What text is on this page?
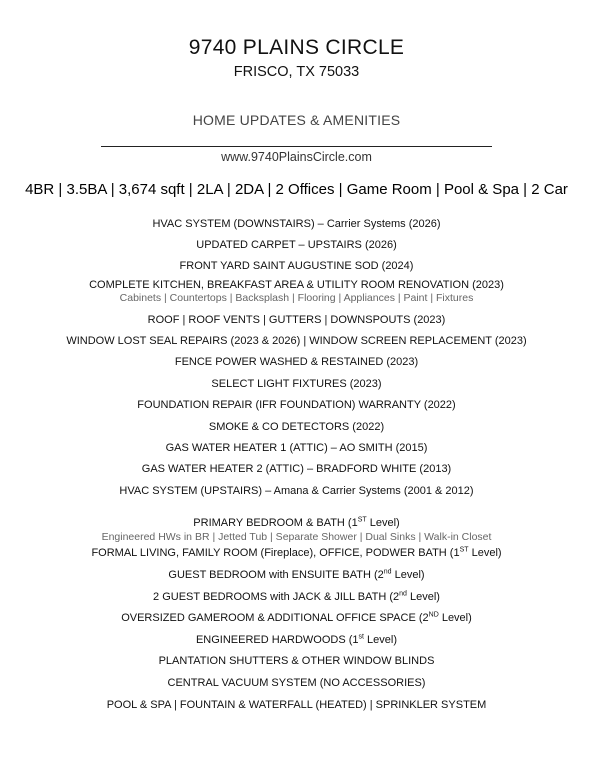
9740 PLAINS CIRCLE
FRISCO, TX 75033
HOME UPDATES & AMENITIES
www.9740PlainsCircle.com
4BR | 3.5BA | 3,674 sqft | 2LA | 2DA | 2 Offices | Game Room | Pool & Spa | 2 Car
HVAC SYSTEM (DOWNSTAIRS) – Carrier Systems (2026)
UPDATED CARPET – UPSTAIRS (2026)
FRONT YARD SAINT AUGUSTINE SOD (2024)
COMPLETE KITCHEN, BREAKFAST AREA & UTILITY ROOM RENOVATION (2023)
Cabinets | Countertops | Backsplash | Flooring | Appliances | Paint | Fixtures
ROOF | ROOF VENTS | GUTTERS | DOWNSPOUTS (2023)
WINDOW LOST SEAL REPAIRS (2023 & 2026) | WINDOW SCREEN REPLACEMENT (2023)
FENCE POWER WASHED & RESTAINED (2023)
SELECT LIGHT FIXTURES (2023)
FOUNDATION REPAIR (IFR FOUNDATION) WARRANTY (2022)
SMOKE & CO DETECTORS (2022)
GAS WATER HEATER 1 (ATTIC) – AO SMITH (2015)
GAS WATER HEATER 2 (ATTIC) – BRADFORD WHITE (2013)
HVAC SYSTEM (UPSTAIRS) – Amana & Carrier Systems (2001 & 2012)
PRIMARY BEDROOM & BATH (1ST Level)
Engineered HWs in BR | Jetted Tub | Separate Shower | Dual Sinks | Walk-in Closet
FORMAL LIVING, FAMILY ROOM (Fireplace), OFFICE, PODWER BATH (1ST Level)
GUEST BEDROOM with ENSUITE BATH (2nd Level)
2 GUEST BEDROOMS with JACK & JILL BATH (2nd Level)
OVERSIZED GAMEROOM & ADDITIONAL OFFICE SPACE (2ND Level)
ENGINEERED HARDWOODS (1st Level)
PLANTATION SHUTTERS & OTHER WINDOW BLINDS
CENTRAL VACUUM SYSTEM (NO ACCESSORIES)
POOL & SPA | FOUNTAIN & WATERFALL (HEATED) | SPRINKLER SYSTEM
